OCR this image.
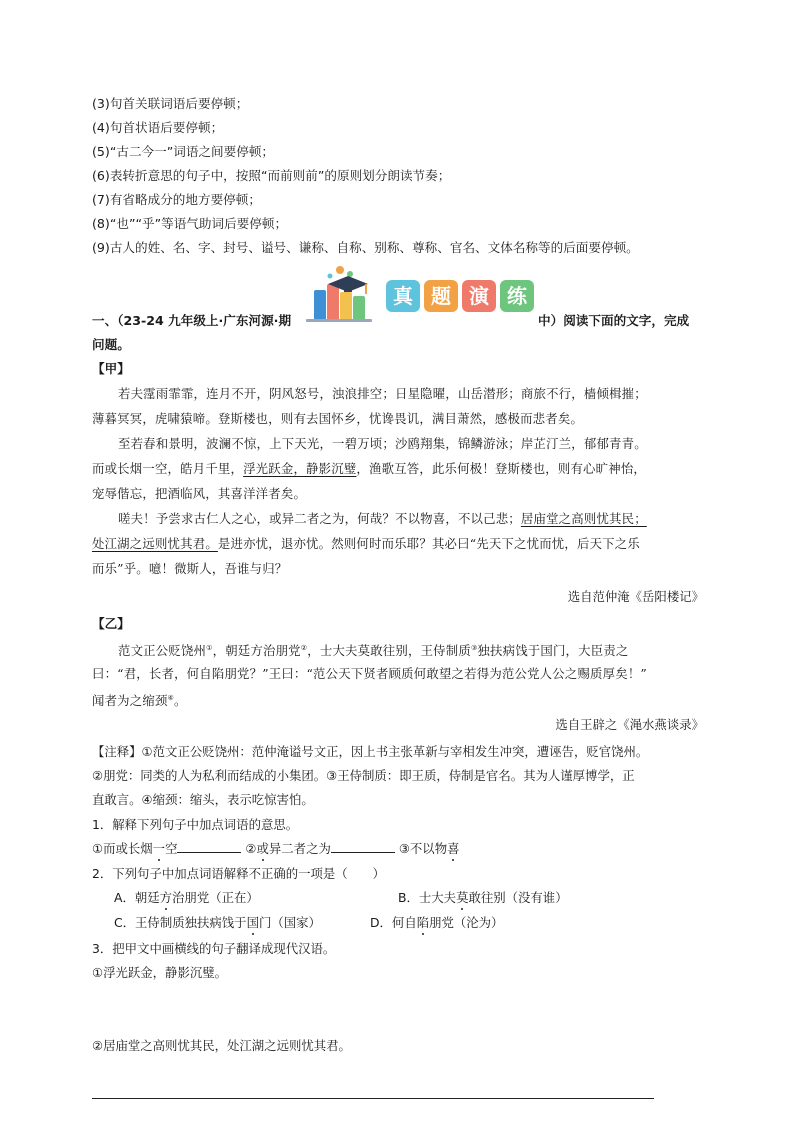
(3)句首关联词语后要停顿；
(4)句首状语后要停顿；
(5)“古二今一”词语之间要停顿；
(6)表转折意思的句子中，按照“而前则前”的原则划分朗读节奏；
(7)有省略成分的地方要停顿；
(8)“也”“乎”等语气助词后要停顿；
(9)古人的姓、名、字、封号、谥号、谦称、自称、别称、尊称、官名、文体名称等的后面要停顿。
真 题 演 练
一、（23-24 九年级上·广东河源·期	中）阅读下面的文字，完成
问题。
【甲】
若夫霪雨霏霏，连月不开，阴风怒号，浊浪排空；日星隐曜，山岳潜形；商旅不行，樯倾楫摧；
薄暮冥冥，虎啸猿啼。登斯楼也，则有去国怀乡，忧谗畏讥，满目萧然，感极而悲者矣。
至若春和景明，波澜不惊，上下天光，一碧万顷；沙鸥翔集，锦鳞游泳；岸芷汀兰，郁郁青青。
而或长烟一空，皓月千里，浮光跃金，静影沉璧，渔歌互答，此乐何极！登斯楼也，则有心旷神怡，
宠辱偕忘，把酒临风，其喜洋洋者矣。
嗟夫！予尝求古仁人之心，或异二者之为，何哉？不以物喜，不以己悲；居庙堂之高则忧其民；
处江湖之远则忧其君。是进亦忧，退亦忧。然则何时而乐耶？其必曰“先天下之忧而忧，后天下之乐
而乐”乎。噫！微斯人，吾谁与归？
选自范仲淹《岳阳楼记》
【乙】
范文正公贬饶州①，朝廷方治朋党②，士大夫莫敢往别，王侍制质③独扶病饯于国门，大臣责之
曰：“君，长者，何自陷朋党？”王曰：“范公天下贤者顾质何敢望之若得为范公党人公之赐质厚矣！”
闻者为之缩颈④。
选自王辟之《渑水燕谈录》
【注释】①范文正公贬饶州：范仲淹谥号文正，因上书主张革新与宰相发生冲突，遭诬告，贬官饶州。
②朋党：同类的人为私利而结成的小集团。③王侍制质：即王质，侍制是官名。其为人谨厚博学，正
直敢言。④缩颈：缩头，表示吃惊害怕。
1．解释下列句子中加点词语的意思。
①而或长烟一空	②或异二者之为	③不以物喜
2．下列句子中加点词语解释不正确的一项是（　　）
A．朝廷方治朋党（正在）	B．士大夫莫敢往别（没有谁）
C．王侍制质独扶病饯于国门（国家）	D．何自陷朋党（沦为）
3．把甲文中画横线的句子翻译成现代汉语。
①浮光跃金，静影沉璧。
②居庙堂之高则忧其民，处江湖之远则忧其君。
